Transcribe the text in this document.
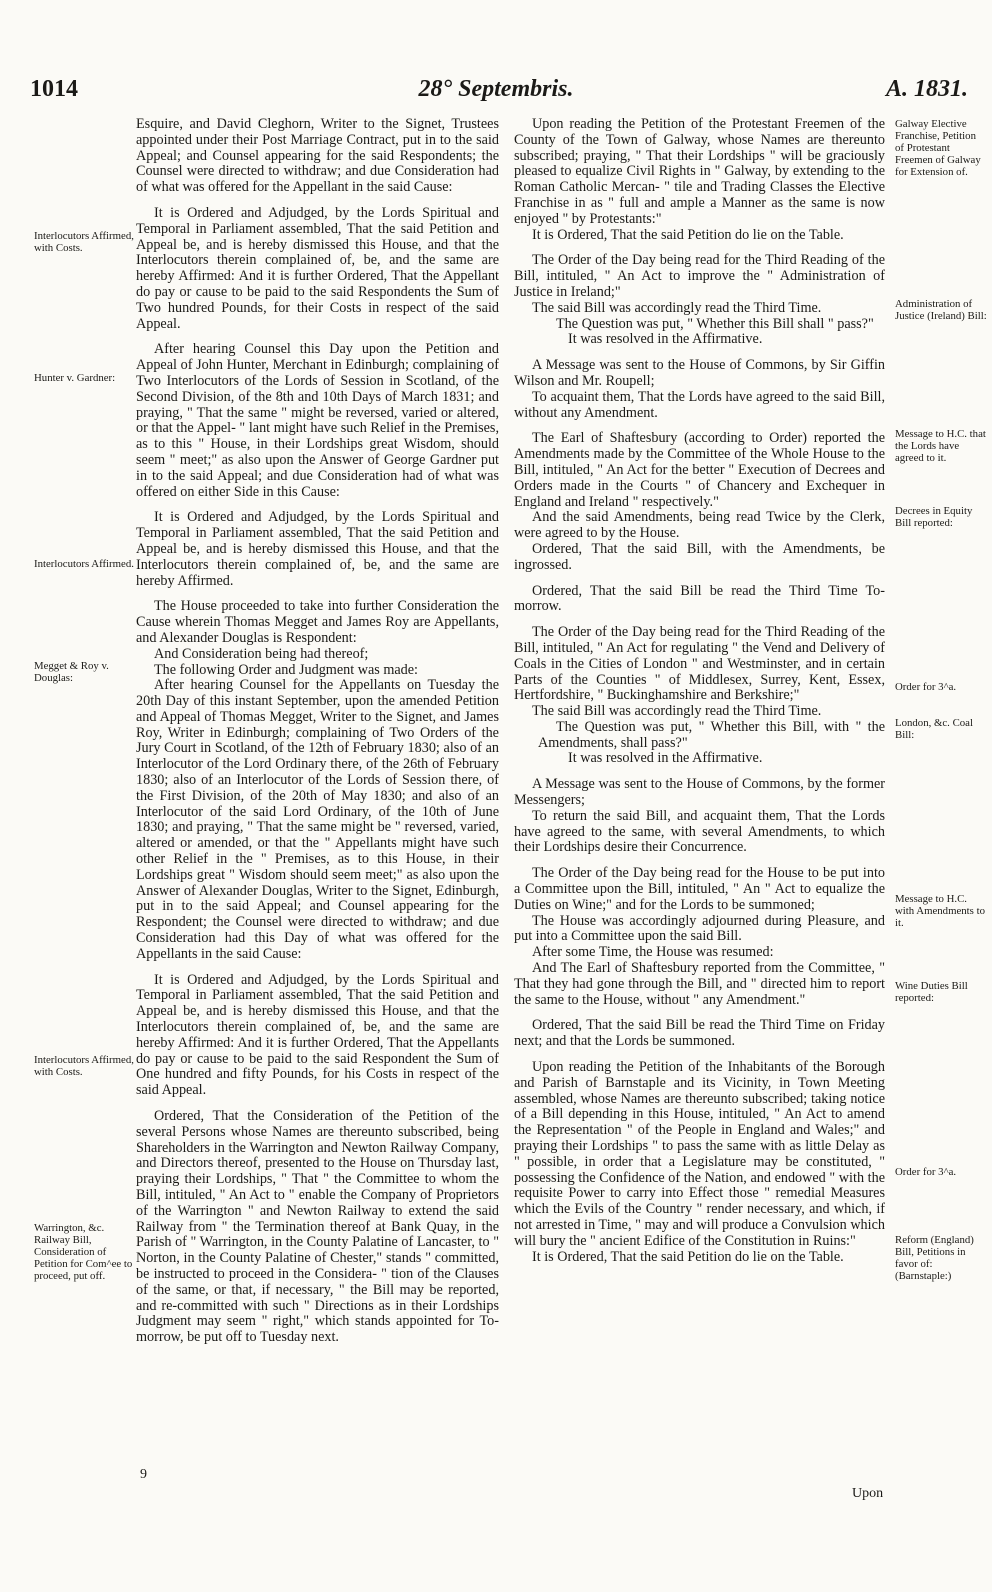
1014	28° Septembris.	A. 1831.

Esquire, and David Cleghorn, Writer to the Signet, Trustees appointed under their Post Marriage Contract, put in to the said Appeal; and Counsel appearing for the said Respondents; the Counsel were directed to withdraw; and due Consideration had of what was offered for the Appellant in the said Cause:

It is Ordered and Adjudged, by the Lords Spiritual and Temporal in Parliament assembled, That the said Petition and Appeal be, and is hereby dismissed this House, and that the Interlocutors therein complained of, be, and the same are hereby Affirmed: And it is further Ordered, That the Appellant do pay or cause to be paid to the said Respondents the Sum of Two hundred Pounds, for their Costs in respect of the said Appeal.

After hearing Counsel this Day upon the Petition and Appeal of John Hunter, Merchant in Edinburgh; complaining of Two Interlocutors of the Lords of Session in Scotland, of the Second Division, of the 8th and 10th Days of March 1831; and praying, " That the same " might be reversed, varied or altered, or that the Appel- " lant might have such Relief in the Premises, as to this " House, in their Lordships great Wisdom, should seem " meet;" as also upon the Answer of George Gardner put in to the said Appeal; and due Consideration had of what was offered on either Side in this Cause:

It is Ordered and Adjudged, by the Lords Spiritual and Temporal in Parliament assembled, That the said Petition and Appeal be, and is hereby dismissed this House, and that the Interlocutors therein complained of, be, and the same are hereby Affirmed.

The House proceeded to take into further Consideration the Cause wherein Thomas Megget and James Roy are Appellants, and Alexander Douglas is Respondent:

And Consideration being had thereof;

The following Order and Judgment was made:

After hearing Counsel for the Appellants on Tuesday the 20th Day of this instant September, upon the amended Petition and Appeal of Thomas Megget, Writer to the Signet, and James Roy, Writer in Edinburgh; complaining of Two Orders of the Jury Court in Scotland, of the 12th of February 1830; also of an Interlocutor of the Lord Ordinary there, of the 26th of February 1830; also of an Interlocutor of the Lords of Session there, of the First Division, of the 20th of May 1830; and also of an Interlocutor of the said Lord Ordinary, of the 10th of June 1830; and praying, " That the same might be " reversed, varied, altered or amended, or that the " Appellants might have such other Relief in the " Premises, as to this House, in their Lordships great " Wisdom should seem meet;" as also upon the Answer of Alexander Douglas, Writer to the Signet, Edinburgh, put in to the said Appeal; and Counsel appearing for the Respondent; the Counsel were directed to withdraw; and due Consideration had this Day of what was offered for the Appellants in the said Cause:

It is Ordered and Adjudged, by the Lords Spiritual and Temporal in Parliament assembled, That the said Petition and Appeal be, and is hereby dismissed this House, and that the Interlocutors therein complained of, be, and the same are hereby Affirmed: And it is further Ordered, That the Appellants do pay or cause to be paid to the said Respondent the Sum of One hundred and fifty Pounds, for his Costs in respect of the said Appeal.

Ordered, That the Consideration of the Petition of the several Persons whose Names are thereunto subscribed, being Shareholders in the Warrington and Newton Railway Company, and Directors thereof, presented to the House on Thursday last, praying their Lordships, " That " the Committee to whom the Bill, intituled, " An Act to " enable the Company of Proprietors of the Warrington " and Newton Railway to extend the said Railway from " the Termination thereof at Bank Quay, in the Parish of " Warrington, in the County Palatine of Lancaster, to " Norton, in the County Palatine of Chester," stands " committed, be instructed to proceed in the Considera- " tion of the Clauses of the same, or that, if necessary, " the Bill may be reported, and re-committed with such " Directions as in their Lordships Judgment may seem " right," which stands appointed for To-morrow, be put off to Tuesday next.

Upon reading the Petition of the Protestant Freemen of the County of the Town of Galway, whose Names are thereunto subscribed; praying, " That their Lordships " will be graciously pleased to equalize Civil Rights in " Galway, by extending to the Roman Catholic Mercan- " tile and Trading Classes the Elective Franchise in as " full and ample a Manner as the same is now enjoyed " by Protestants:"

It is Ordered, That the said Petition do lie on the Table.

The Order of the Day being read for the Third Reading of the Bill, intituled, " An Act to improve the " Administration of Justice in Ireland;"

The said Bill was accordingly read the Third Time.

The Question was put, " Whether this Bill shall " pass?"

It was resolved in the Affirmative.

A Message was sent to the House of Commons, by Sir Giffin Wilson and Mr. Roupell;

To acquaint them, That the Lords have agreed to the said Bill, without any Amendment.

The Earl of Shaftesbury (according to Order) reported the Amendments made by the Committee of the Whole House to the Bill, intituled, " An Act for the better " Execution of Decrees and Orders made in the Courts " of Chancery and Exchequer in England and Ireland " respectively."

And the said Amendments, being read Twice by the Clerk, were agreed to by the House.

Ordered, That the said Bill, with the Amendments, be ingrossed.

Ordered, That the said Bill be read the Third Time To-morrow.

The Order of the Day being read for the Third Reading of the Bill, intituled, " An Act for regulating " the Vend and Delivery of Coals in the Cities of London " and Westminster, and in certain Parts of the Counties " of Middlesex, Surrey, Kent, Essex, Hertfordshire, " Buckinghamshire and Berkshire;"

The said Bill was accordingly read the Third Time.

The Question was put, " Whether this Bill, with " the Amendments, shall pass?"

It was resolved in the Affirmative.

A Message was sent to the House of Commons, by the former Messengers;

To return the said Bill, and acquaint them, That the Lords have agreed to the same, with several Amendments, to which their Lordships desire their Concurrence.

The Order of the Day being read for the House to be put into a Committee upon the Bill, intituled, " An " Act to equalize the Duties on Wine;" and for the Lords to be summoned;

The House was accordingly adjourned during Pleasure, and put into a Committee upon the said Bill.

After some Time, the House was resumed:

And The Earl of Shaftesbury reported from the Committee, " That they had gone through the Bill, and " directed him to report the same to the House, without " any Amendment."

Ordered, That the said Bill be read the Third Time on Friday next; and that the Lords be summoned.

Upon reading the Petition of the Inhabitants of the Borough and Parish of Barnstaple and its Vicinity, in Town Meeting assembled, whose Names are thereunto subscribed; taking notice of a Bill depending in this House, intituled, " An Act to amend the Representation " of the People in England and Wales;" and praying their Lordships " to pass the same with as little Delay as " possible, in order that a Legislature may be constituted, " possessing the Confidence of the Nation, and endowed " with the requisite Power to carry into Effect those " remedial Measures which the Evils of the Country " render necessary, and which, if not arrested in Time, " may and will produce a Convulsion which will bury the " ancient Edifice of the Constitution in Ruins:"

It is Ordered, That the said Petition do lie on the Table.

Interlocutors Affirmed, with Costs.
Hunter v. Gardner:
Interlocutors Affirmed.
Megget & Roy v. Douglas:
Interlocutors Affirmed, with Costs.
Warrington, &c. Railway Bill, Consideration of Petition for Com^ee to proceed, put off.
Galway Elective Franchise, Petition of Protestant Freemen of Galway for Extension of.
Administration of Justice (Ireland) Bill:
Message to H.C. that the Lords have agreed to it.
Decrees in Equity Bill reported:
Order for 3^a.
London, &c. Coal Bill:
Message to H.C. with Amendments to it.
Wine Duties Bill reported:
Order for 3^a.
Reform (England) Bill, Petitions in favor of: (Barnstaple:)
9
Upon
